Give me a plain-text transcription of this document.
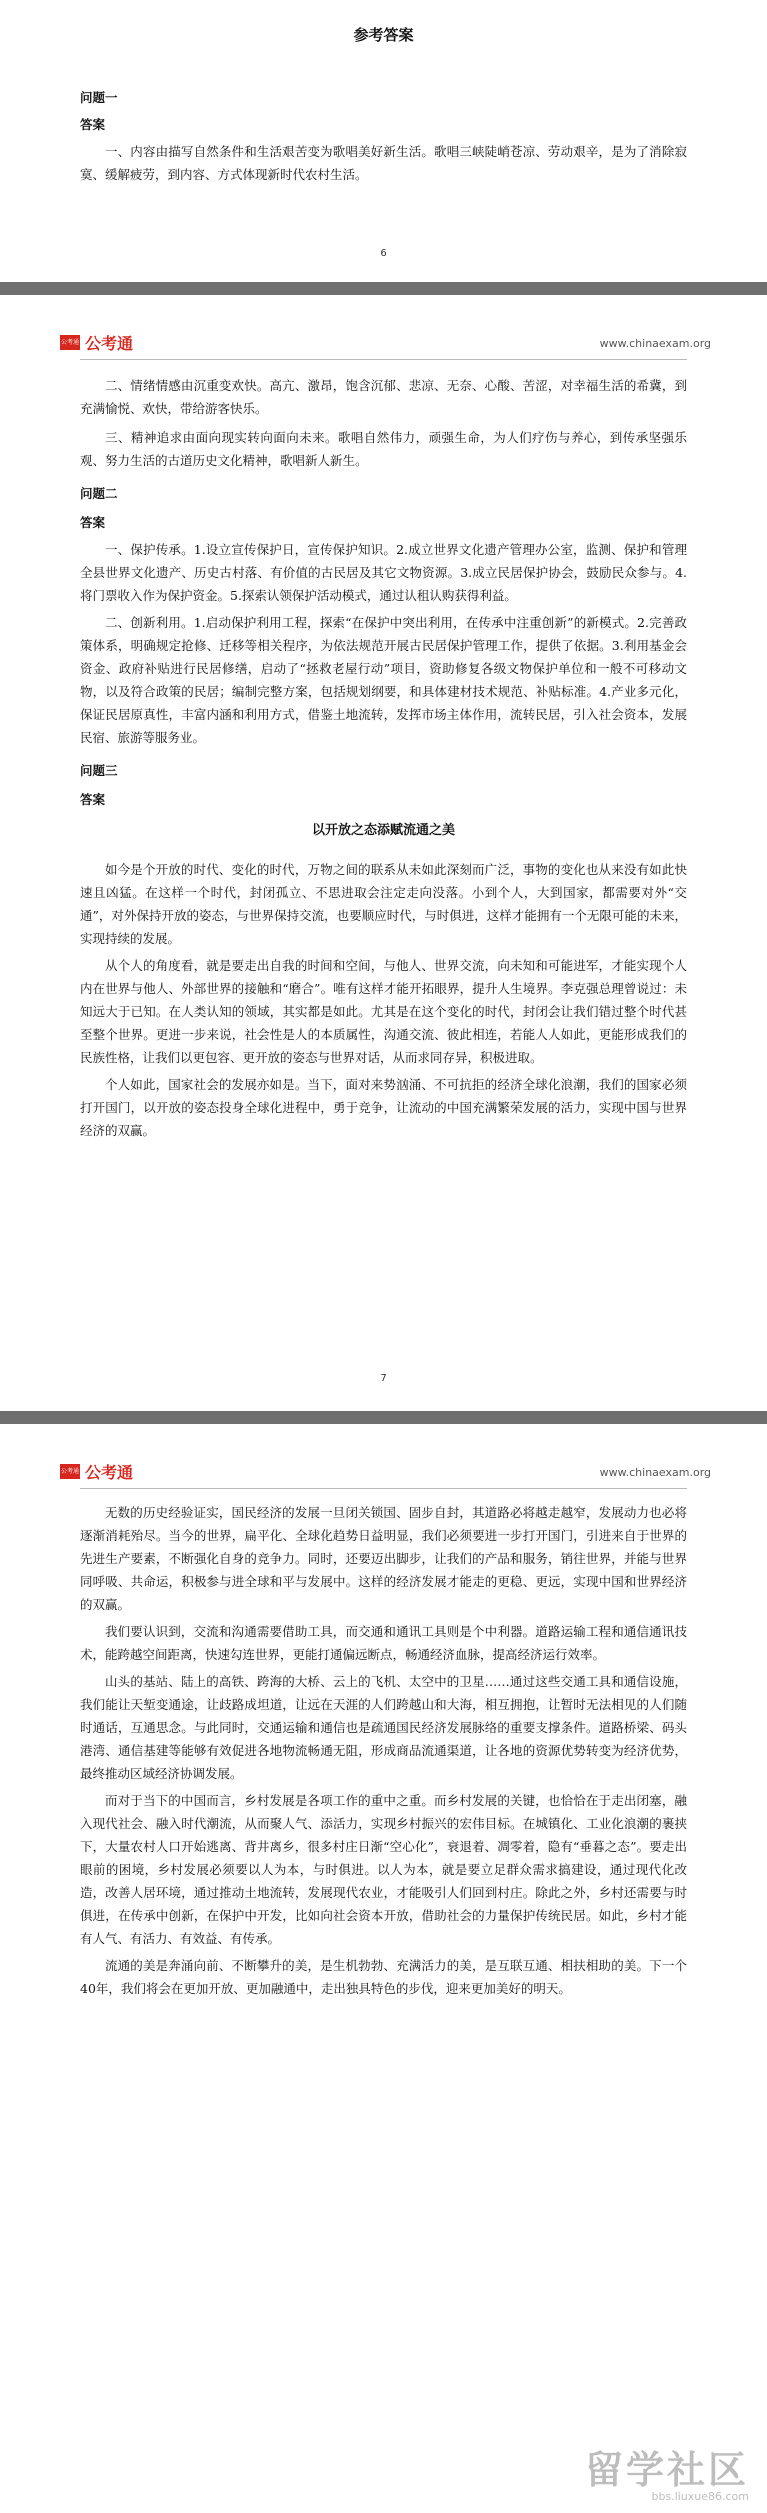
参考答案
问题一
答案

一、内容由描写自然条件和生活艰苦变为歌唱美好新生活。歌唱三峡陡峭苍凉、劳动艰辛，是为了消除寂寞、缓解疲劳，到内容、方式体现新时代农村生活。

6
公考通 公考通	www.chinaexam.org

二、情绪情感由沉重变欢快。高亢、激昂，饱含沉郁、悲凉、无奈、心酸、苦涩，对幸福生活的希冀，到充满愉悦、欢快，带给游客快乐。

三、精神追求由面向现实转向面向未来。歌唱自然伟力，顽强生命，为人们疗伤与养心，到传承坚强乐观、努力生活的古道历史文化精神，歌唱新人新生。

问题二
答案

一、保护传承。1.设立宣传保护日，宣传保护知识。2.成立世界文化遗产管理办公室，监测、保护和管理全县世界文化遗产、历史古村落、有价值的古民居及其它文物资源。3.成立民居保护协会，鼓励民众参与。4.将门票收入作为保护资金。5.探索认领保护活动模式，通过认租认购获得利益。

二、创新利用。1.启动保护利用工程，探索“在保护中突出利用，在传承中注重创新”的新模式。2.完善政策体系，明确规定抢修、迁移等相关程序，为依法规范开展古民居保护管理工作，提供了依据。3.利用基金会资金、政府补贴进行民居修缮，启动了“拯救老屋行动”项目，资助修复各级文物保护单位和一般不可移动文物，以及符合政策的民居；编制完整方案，包括规划纲要，和具体建材技术规范、补贴标准。4.产业多元化，保证民居原真性，丰富内涵和利用方式，借鉴土地流转，发挥市场主体作用，流转民居，引入社会资本，发展民宿、旅游等服务业。

问题三
答案
以开放之态添赋流通之美

如今是个开放的时代、变化的时代，万物之间的联系从未如此深刻而广泛，事物的变化也从来没有如此快速且凶猛。在这样一个时代，封闭孤立、不思进取会注定走向没落。小到个人，大到国家，都需要对外“交通”，对外保持开放的姿态，与世界保持交流，也要顺应时代，与时俱进，这样才能拥有一个无限可能的未来，实现持续的发展。

从个人的角度看，就是要走出自我的时间和空间，与他人、世界交流，向未知和可能进军，才能实现个人内在世界与他人、外部世界的接触和“磨合”。唯有这样才能开拓眼界，提升人生境界。李克强总理曾说过：未知远大于已知。在人类认知的领域，其实都是如此。尤其是在这个变化的时代，封闭会让我们错过整个时代甚至整个世界。更进一步来说，社会性是人的本质属性，沟通交流、彼此相连，若能人人如此，更能形成我们的民族性格，让我们以更包容、更开放的姿态与世界对话，从而求同存异，积极进取。

个人如此，国家社会的发展亦如是。当下，面对来势汹涌、不可抗拒的经济全球化浪潮，我们的国家必须打开国门，以开放的姿态投身全球化进程中，勇于竞争，让流动的中国充满繁荣发展的活力，实现中国与世界经济的双赢。

7
公考通 公考通	www.chinaexam.org

无数的历史经验证实，国民经济的发展一旦闭关锁国、固步自封，其道路必将越走越窄，发展动力也必将逐渐消耗殆尽。当今的世界，扁平化、全球化趋势日益明显，我们必须要进一步打开国门，引进来自于世界的先进生产要素，不断强化自身的竞争力。同时，还要迈出脚步，让我们的产品和服务，销往世界，并能与世界同呼吸、共命运，积极参与进全球和平与发展中。这样的经济发展才能走的更稳、更远，实现中国和世界经济的双赢。

我们要认识到，交流和沟通需要借助工具，而交通和通讯工具则是个中利器。道路运输工程和通信通讯技术，能跨越空间距离，快速勾连世界，更能打通偏远断点，畅通经济血脉，提高经济运行效率。

山头的基站、陆上的高铁、跨海的大桥、云上的飞机、太空中的卫星……通过这些交通工具和通信设施，我们能让天堑变通途，让歧路成坦道，让远在天涯的人们跨越山和大海，相互拥抱，让暂时无法相见的人们随时通话，互通思念。与此同时，交通运输和通信也是疏通国民经济发展脉络的重要支撑条件。道路桥梁、码头港湾、通信基建等能够有效促进各地物流畅通无阻，形成商品流通渠道，让各地的资源优势转变为经济优势，最终推动区域经济协调发展。

而对于当下的中国而言，乡村发展是各项工作的重中之重。而乡村发展的关键，也恰恰在于走出闭塞，融入现代社会、融入时代潮流，从而聚人气、添活力，实现乡村振兴的宏伟目标。在城镇化、工业化浪潮的裹挟下，大量农村人口开始逃离、背井离乡，很多村庄日渐“空心化”，衰退着、凋零着，隐有“垂暮之态”。要走出眼前的困境，乡村发展必须要以人为本，与时俱进。以人为本，就是要立足群众需求搞建设，通过现代化改造，改善人居环境，通过推动土地流转，发展现代农业，才能吸引人们回到村庄。除此之外，乡村还需要与时俱进，在传承中创新，在保护中开发，比如向社会资本开放，借助社会的力量保护传统民居。如此，乡村才能有人气、有活力、有效益、有传承。

流通的美是奔涌向前、不断攀升的美，是生机勃勃、充满活力的美，是互联互通、相扶相助的美。下一个40年，我们将会在更加开放、更加融通中，走出独具特色的步伐，迎来更加美好的明天。

留学社区
bbs.liuxue86.com
